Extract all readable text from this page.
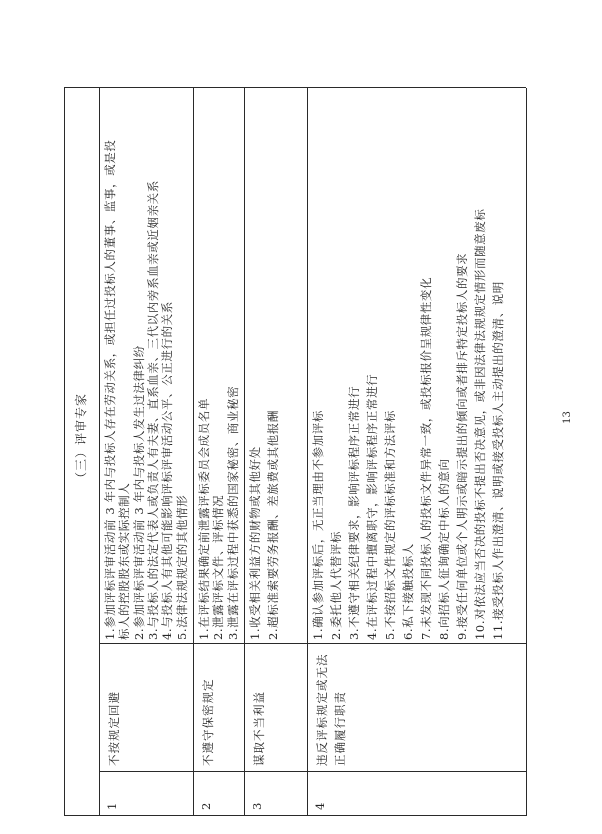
（三）评审专家
1
不按规定回避
1.参加评标评审活动前 3 年内与投标人存在劳动关系，或担任过投标人的董事、监事，或是投 标人的控股股东或实际控制人 2.参加评标评审活动前 3 年内与投标人发生过法律纠纷 3.与投标人的法定代表人或负责人有夫妻、直系血亲、三代以内旁系血亲或近姻亲关系 4.与投标人有其他可能影响评标评审活动公平、公正进行的关系 5.法律法规规定的其他情形
2
不遵守保密规定
1.在评标结果确定前泄露评标委员会成员名单 2.泄露评标文件、评标情况 3.泄露在评标过程中获悉的国家秘密、商业秘密
3
谋取不当利益
1.收受相关利益方的财物或其他好处 2.超标准索要劳务报酬、差旅费或其他报酬
4
违反评标规定或无法正确履行职责
1.确认参加评标后，无正当理由不参加评标 2.委托他人代替评标 3.不遵守相关纪律要求，影响评标程序正常进行 4.在评标过程中擅离职守，影响评标程序正常进行 5.不按招标文件规定的评标标准和方法评标 6.私下接触投标人 7.未发现不同投标人的投标文件异常一致，或投标报价呈规律性变化 8.向招标人征询确定中标人的意向 9.接受任何单位或个人明示或暗示提出的倾向或者排斥特定投标人的要求 10.对依法应当否决的投标不提出否决意见，或非因法律法规规定情形而随意废标 11.接受投标人作出澄清、说明或接受投标人主动提出的澄清、说明	13
